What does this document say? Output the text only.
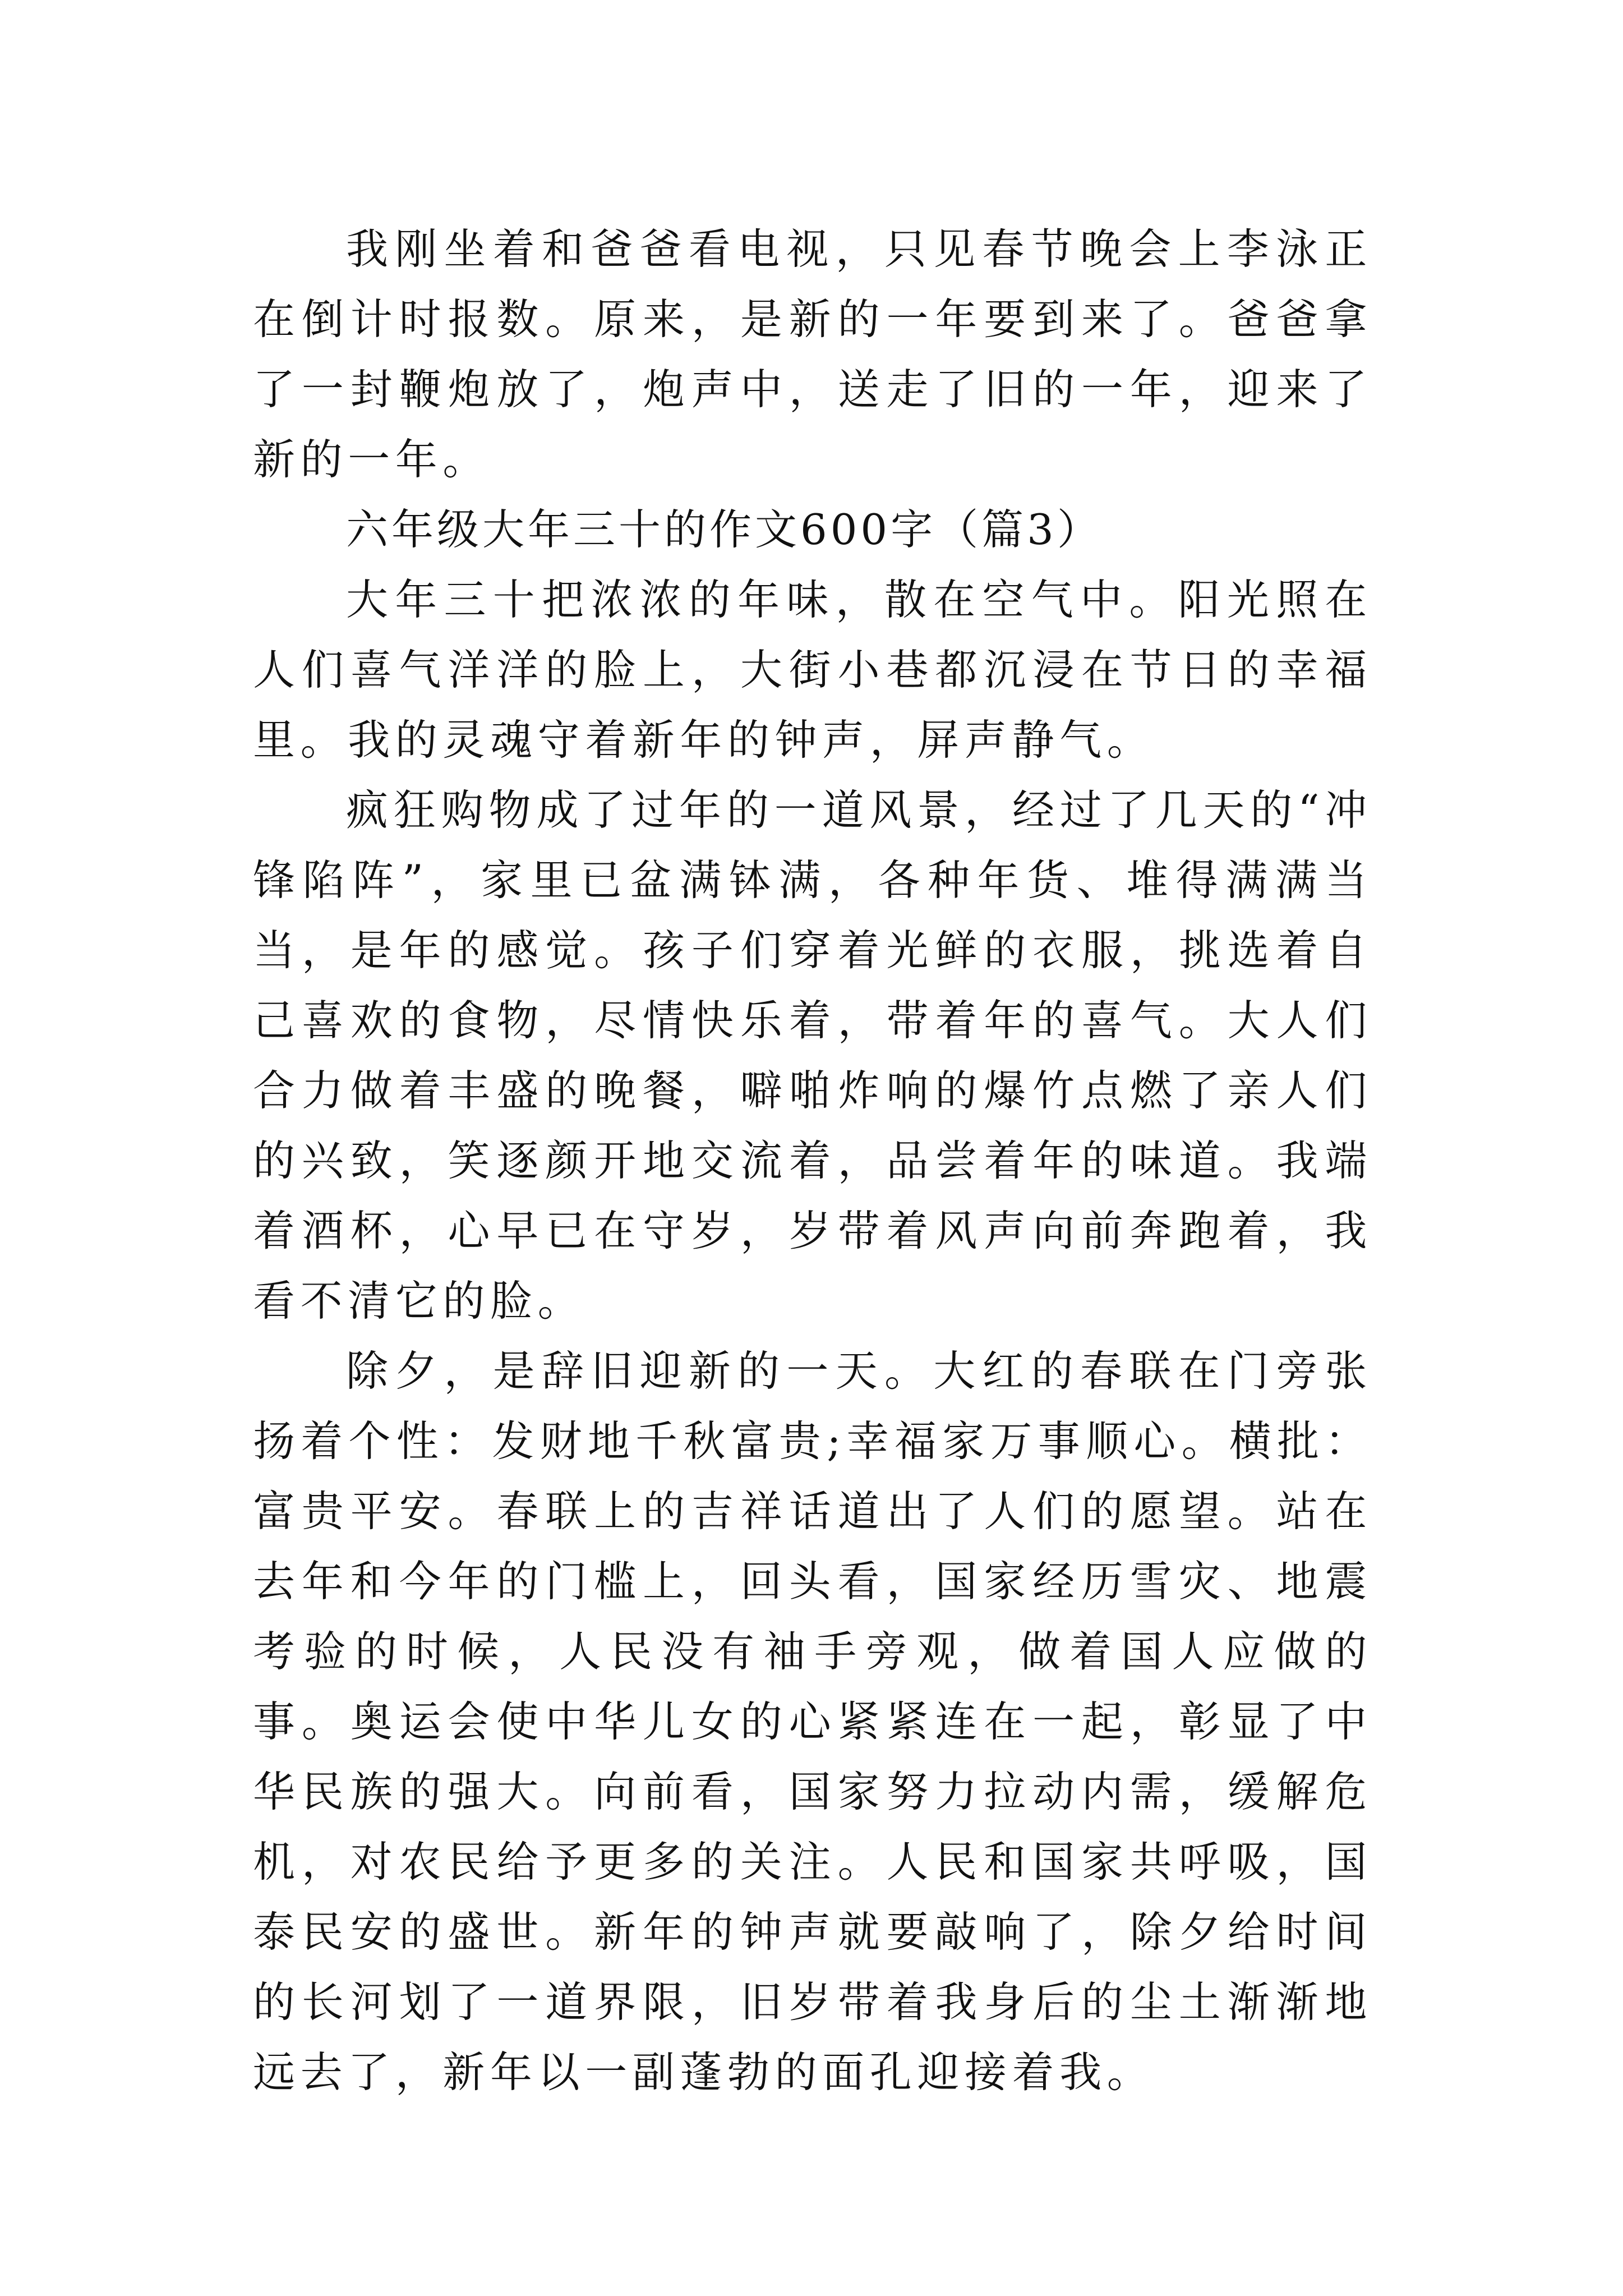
我刚坐着和爸爸看电视，只见春节晚会上李泳正在倒计时报数。原来，是新的一年要到来了。爸爸拿了一封鞭炮放了，炮声中，送走了旧的一年，迎来了新的一年。

六年级大年三十的作文600字（篇3）

大年三十把浓浓的年味，散在空气中。阳光照在人们喜气洋洋的脸上，大街小巷都沉浸在节日的幸福里。我的灵魂守着新年的钟声，屏声静气。

疯狂购物成了过年的一道风景，经过了几天的“冲锋陷阵”，家里已盆满钵满，各种年货、堆得满满当当，是年的感觉。孩子们穿着光鲜的衣服，挑选着自己喜欢的食物，尽情快乐着，带着年的喜气。大人们合力做着丰盛的晚餐，噼啪炸响的爆竹点燃了亲人们的兴致，笑逐颜开地交流着，品尝着年的味道。我端着酒杯，心早已在守岁，岁带着风声向前奔跑着，我看不清它的脸。

除夕，是辞旧迎新的一天。大红的春联在门旁张扬着个性：发财地千秋富贵;幸福家万事顺心。横批：富贵平安。春联上的吉祥话道出了人们的愿望。站在去年和今年的门槛上，回头看，国家经历雪灾、地震考验的时候，人民没有袖手旁观，做着国人应做的事。奥运会使中华儿女的心紧紧连在一起，彰显了中华民族的强大。向前看，国家努力拉动内需，缓解危机，对农民给予更多的关注。人民和国家共呼吸，国泰民安的盛世。新年的钟声就要敲响了，除夕给时间的长河划了一道界限，旧岁带着我身后的尘土渐渐地远去了，新年以一副蓬勃的面孔迎接着我。
